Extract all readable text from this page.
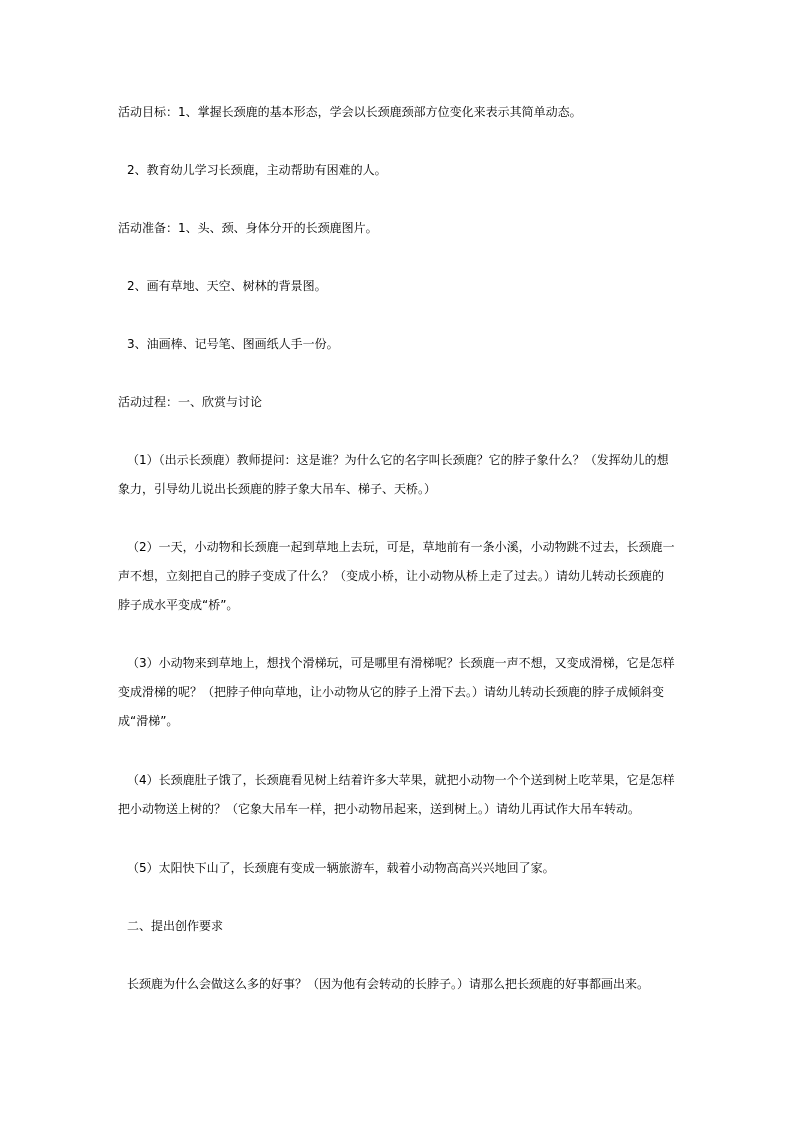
活动目标：1、掌握长颈鹿的基本形态，学会以长颈鹿颈部方位变化来表示其简单动态。
2、教育幼儿学习长颈鹿，主动帮助有困难的人。
活动准备：1、头、颈、身体分开的长颈鹿图片。
2、画有草地、天空、树林的背景图。
3、油画棒、记号笔、图画纸人手一份。
活动过程：一、欣赏与讨论
（1）（出示长颈鹿）教师提问：这是谁？为什么它的名字叫长颈鹿？它的脖子象什么？（发挥幼儿的想
象力，引导幼儿说出长颈鹿的脖子象大吊车、梯子、天桥。）
（2）一天，小动物和长颈鹿一起到草地上去玩，可是，草地前有一条小溪，小动物跳不过去，长颈鹿一
声不想，立刻把自己的脖子变成了什么？（变成小桥，让小动物从桥上走了过去。）请幼儿转动长颈鹿的
脖子成水平变成“桥”。
（3）小动物来到草地上，想找个滑梯玩，可是哪里有滑梯呢？长颈鹿一声不想，又变成滑梯，它是怎样
变成滑梯的呢？（把脖子伸向草地，让小动物从它的脖子上滑下去。）请幼儿转动长颈鹿的脖子成倾斜变
成“滑梯”。
（4）长颈鹿肚子饿了，长颈鹿看见树上结着许多大苹果，就把小动物一个个送到树上吃苹果，它是怎样
把小动物送上树的？（它象大吊车一样，把小动物吊起来，送到树上。）请幼儿再试作大吊车转动。
（5）太阳快下山了，长颈鹿有变成一辆旅游车，载着小动物高高兴兴地回了家。
二、提出创作要求
长颈鹿为什么会做这么多的好事？（因为他有会转动的长脖子。）请那么把长颈鹿的好事都画出来。
